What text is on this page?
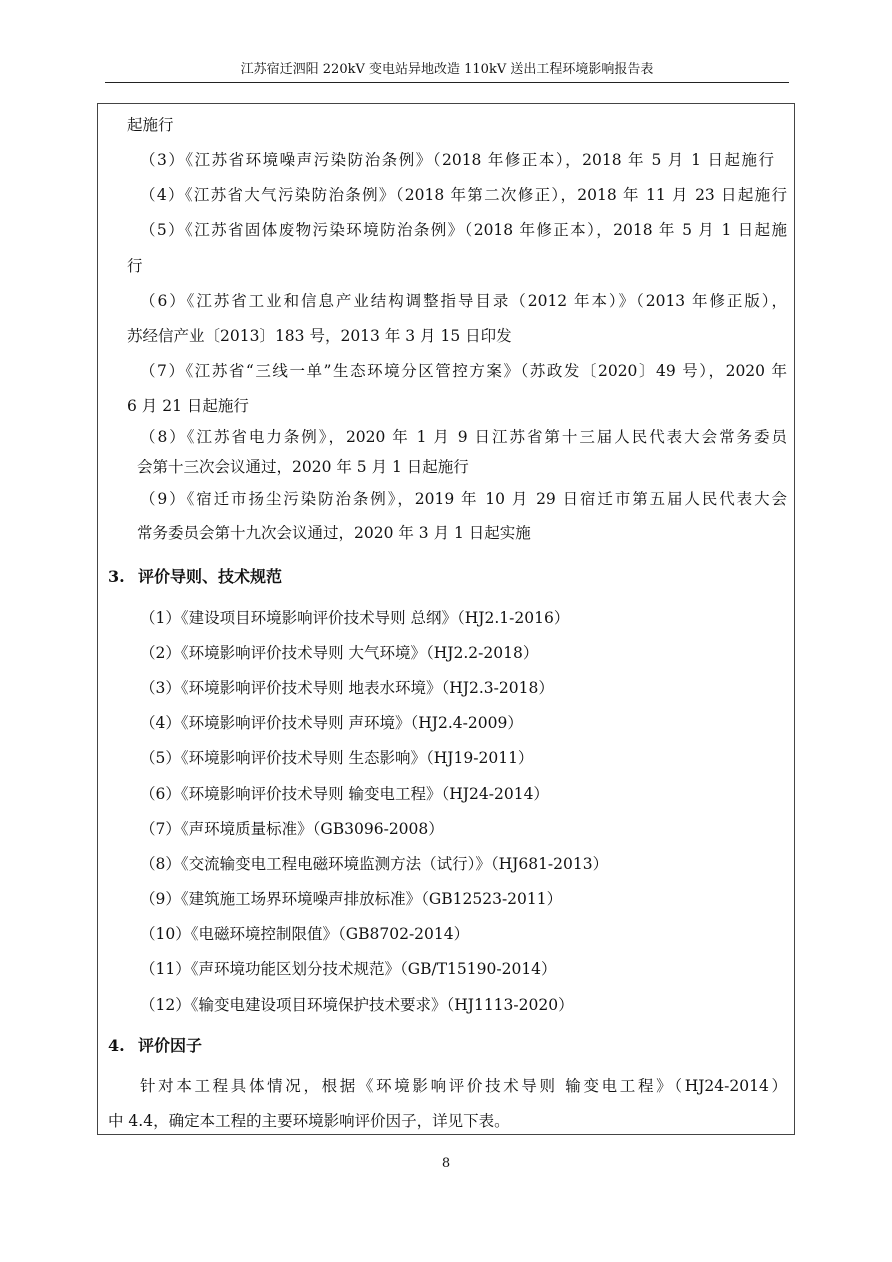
江苏宿迁泗阳 220kV 变电站异地改造 110kV 送出工程环境影响报告表
起施行
（3）《江苏省环境噪声污染防治条例》（2018 年修正本），2018 年 5 月 1 日起施行
（4）《江苏省大气污染防治条例》（2018 年第二次修正），2018 年 11 月 23 日起施行
（5）《江苏省固体废物污染环境防治条例》（2018 年修正本），2018 年 5 月 1 日起施
行
（6）《江苏省工业和信息产业结构调整指导目录（2012 年本）》（2013 年修正版），
苏经信产业〔2013〕183 号，2013 年 3 月 15 日印发
（7）《江苏省“三线一单”生态环境分区管控方案》（苏政发〔2020〕49 号），2020 年
6 月 21 日起施行
（8）《江苏省电力条例》，2020 年 1 月 9 日江苏省第十三届人民代表大会常务委员
会第十三次会议通过，2020 年 5 月 1 日起施行
（9）《宿迁市扬尘污染防治条例》，2019 年 10 月 29 日宿迁市第五届人民代表大会
常务委员会第十九次会议通过，2020 年 3 月 1 日起实施
3. 评价导则、技术规范
（1）《建设项目环境影响评价技术导则 总纲》（HJ2.1-2016）
（2）《环境影响评价技术导则 大气环境》（HJ2.2-2018）
（3）《环境影响评价技术导则 地表水环境》（HJ2.3-2018）
（4）《环境影响评价技术导则 声环境》（HJ2.4-2009）
（5）《环境影响评价技术导则 生态影响》（HJ19-2011）
（6）《环境影响评价技术导则 输变电工程》（HJ24-2014）
（7）《声环境质量标准》（GB3096-2008）
（8）《交流输变电工程电磁环境监测方法（试行）》（HJ681-2013）
（9）《建筑施工场界环境噪声排放标准》（GB12523-2011）
（10）《电磁环境控制限值》（GB8702-2014）
（11）《声环境功能区划分技术规范》（GB/T15190-2014）
（12）《输变电建设项目环境保护技术要求》（HJ1113-2020）
4. 评价因子
针对本工程具体情况，根据《环境影响评价技术导则 输变电工程》（HJ24-2014）
中 4.4，确定本工程的主要环境影响评价因子，详见下表。
8
